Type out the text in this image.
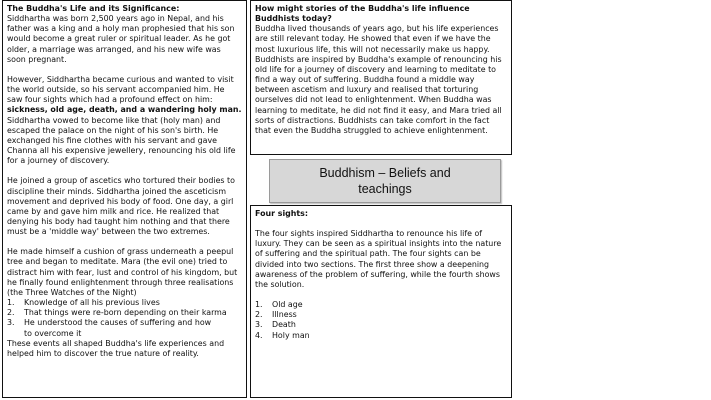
The Buddha's Life and its Significance:

Siddhartha was born 2,500 years ago in Nepal, and his father was a king and a holy man prophesied that his son would become a great ruler or spiritual leader. As he got older, a marriage was arranged, and his new wife was soon pregnant.

However, Siddhartha became curious and wanted to visit the world outside, so his servant accompanied him. He saw four sights which had a profound effect on him: sickness, old age, death, and a wandering holy man. Siddhartha vowed to become like that (holy man) and escaped the palace on the night of his son's birth. He exchanged his fine clothes with his servant and gave Channa all his expensive jewellery, renouncing his old life for a journey of discovery.

He joined a group of ascetics who tortured their bodies to discipline their minds. Siddhartha joined the asceticism movement and deprived his body of food. One day, a girl came by and gave him milk and rice. He realized that denying his body had taught him nothing and that there must be a 'middle way' between the two extremes.

He made himself a cushion of grass underneath a peepul tree and began to meditate. Mara (the evil one) tried to distract him with fear, lust and control of his kingdom, but he finally found enlightenment through three realisations (the Three Watches of the Night)

1.	Knowledge of all his previous lives
2.	That things were re-born depending on their karma
3.	He understood the causes of suffering and how to overcome it

These events all shaped Buddha's life experiences and helped him to discover the true nature of reality.

How might stories of the Buddha's life influence Buddhists today?

Buddha lived thousands of years ago, but his life experiences are still relevant today. He showed that even if we have the most luxurious life, this will not necessarily make us happy. Buddhists are inspired by Buddha's example of renouncing his old life for a journey of discovery and learning to meditate to find a way out of suffering. Buddha found a middle way between ascetism and luxury and realised that torturing ourselves did not lead to enlightenment. When Buddha was learning to meditate, he did not find it easy, and Mara tried all sorts of distractions. Buddhists can take comfort in the fact that even the Buddha struggled to achieve enlightenment.

Buddhism – Beliefs and
teachings
Four sights:

The four sights inspired Siddhartha to renounce his life of luxury. They can be seen as a spiritual insights into the nature of suffering and the spiritual path. The four sights can be divided into two sections. The first three show a deepening awareness of the problem of suffering, while the fourth shows the solution.

1.	Old age
2.	Illness
3.	Death
4.	Holy man
